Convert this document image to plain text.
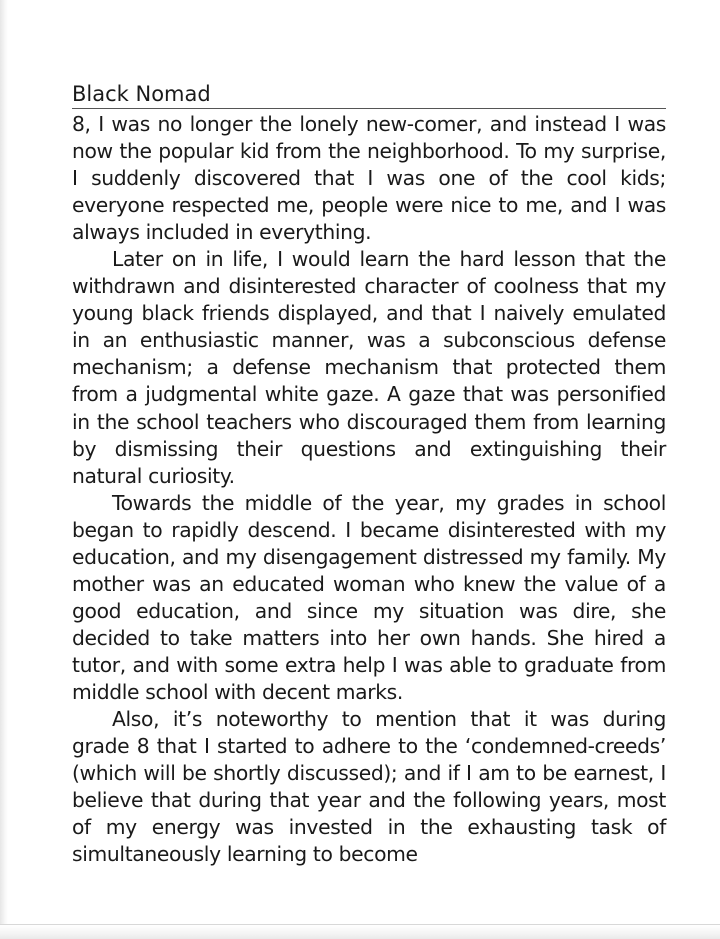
Black Nomad

8, I was no longer the lonely new-comer, and instead I was now the popular kid from the neighborhood. To my surprise, I suddenly discovered that I was one of the cool kids; everyone respected me, people were nice to me, and I was always included in everything.

Later on in life, I would learn the hard lesson that the withdrawn and disinterested character of coolness that my young black friends displayed, and that I naively emulated in an enthusiastic manner, was a subconscious defense mechanism; a defense mechanism that protected them from a judgmental white gaze. A gaze that was personified in the school teachers who discouraged them from learning by dismissing their questions and extinguishing their natural curiosity.

Towards the middle of the year, my grades in school began to rapidly descend. I became disinterested with my education, and my disengagement distressed my family. My mother was an educated woman who knew the value of a good education, and since my situation was dire, she decided to take matters into her own hands. She hired a tutor, and with some extra help I was able to graduate from middle school with decent marks.

Also, it’s noteworthy to mention that it was during grade 8 that I started to adhere to the ‘condemned-creeds’ (which will be shortly discussed); and if I am to be earnest, I believe that during that year and the following years, most of my energy was invested in the exhausting task of simultaneously learning to become
